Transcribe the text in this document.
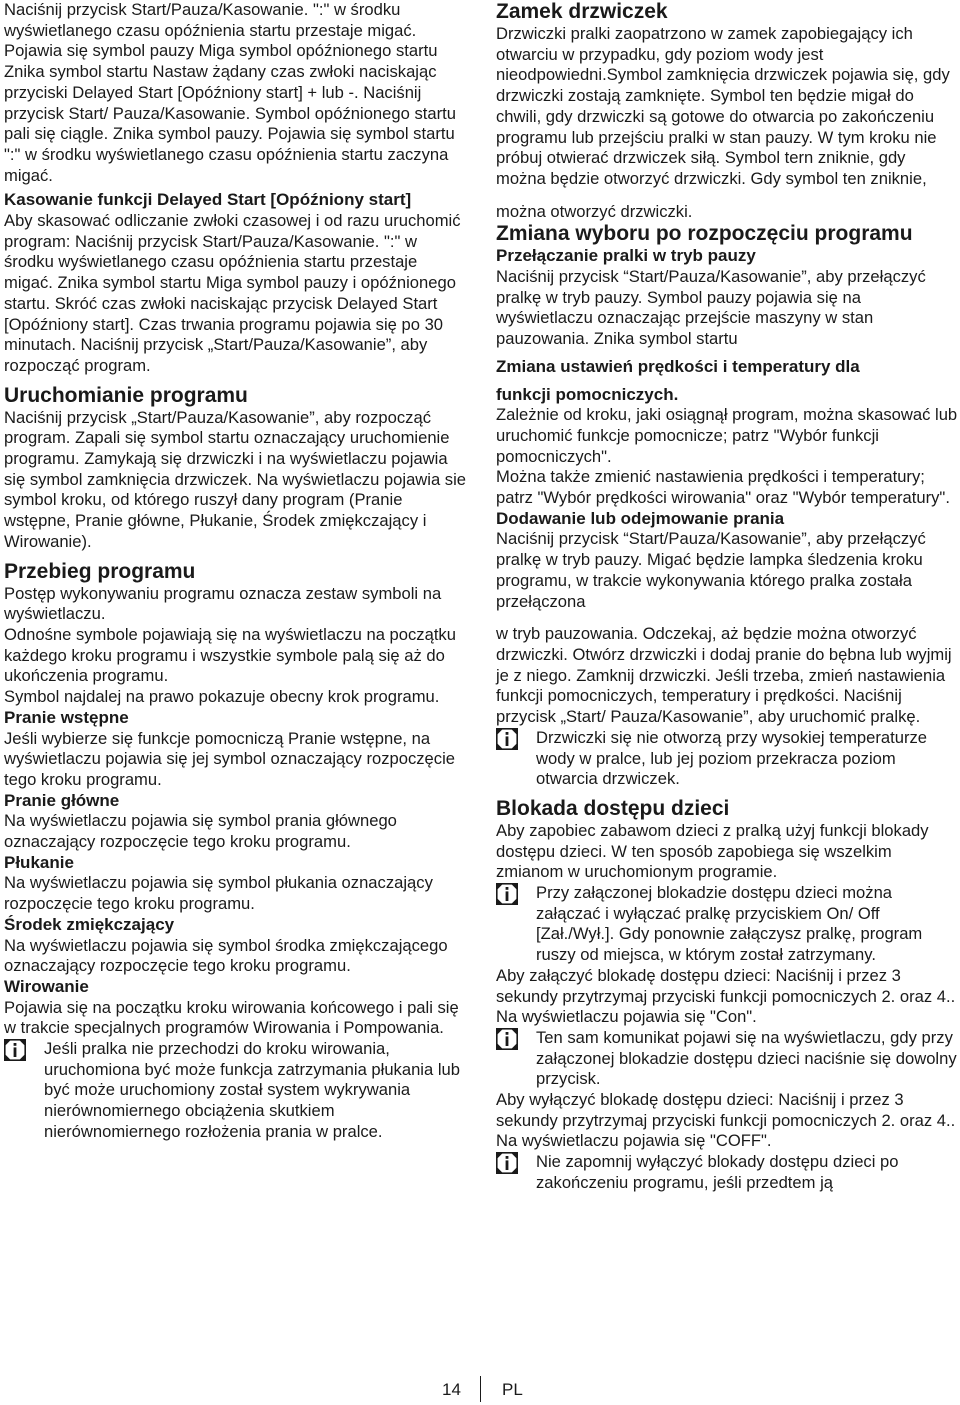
Naciśnij przycisk Start/Pauza/Kasowanie. ":" w środku wyświetlanego czasu opóźnienia startu przestaje migać. Pojawia się symbol pauzy Miga symbol opóźnionego startu Znika symbol startu Nastaw żądany czas zwłoki naciskając przyciski Delayed Start [Opóźniony start] + lub -. Naciśnij przycisk Start/ Pauza/Kasowanie. Symbol opóźnionego startu pali się ciągle. Znika symbol pauzy. Pojawia się symbol startu ":" w środku wyświetlanego czasu opóźnienia startu zaczyna migać.

Kasowanie funkcji Delayed Start [Opóźniony start]

Aby skasować odliczanie zwłoki czasowej i od razu uruchomić program: Naciśnij przycisk Start/Pauza/Kasowanie. ":" w środku wyświetlanego czasu opóźnienia startu przestaje migać. Znika symbol startu Miga symbol pauzy i opóźnionego startu. Skróć czas zwłoki naciskając przycisk Delayed Start [Opóźniony start]. Czas trwania programu pojawia się po 30 minutach. Naciśnij przycisk „Start/Pauza/Kasowanie”, aby rozpocząć program.

Uruchomianie programu

Naciśnij przycisk „Start/Pauza/Kasowanie”, aby rozpocząć program. Zapali się symbol startu oznaczający uruchomienie programu. Zamykają się drzwiczki i na wyświetlaczu pojawia się symbol zamknięcia drzwiczek. Na wyświetlaczu pojawia sie symbol kroku, od którego ruszył dany program (Pranie wstępne, Pranie główne, Płukanie, Środek zmiękczający i Wirowanie).

Przebieg programu

Postęp wykonywaniu programu oznacza zestaw symboli na wyświetlaczu.

Odnośne symbole pojawiają się na wyświetlaczu na początku każdego kroku programu i wszystkie symbole palą się aż do ukończenia programu.

Symbol najdalej na prawo pokazuje obecny krok programu.

Pranie wstępne

Jeśli wybierze się funkcje pomocniczą Pranie wstępne, na wyświetlaczu pojawia się jej symbol oznaczający rozpoczęcie tego kroku programu.

Pranie główne

Na wyświetlaczu pojawia się symbol prania głównego oznaczający rozpoczęcie tego kroku programu.

Płukanie

Na wyświetlaczu pojawia się symbol płukania oznaczający rozpoczęcie tego kroku programu.

Środek zmiękczający

Na wyświetlaczu pojawia się symbol środka zmiękczającego oznaczający rozpoczęcie tego kroku programu.

Wirowanie

Pojawia się na początku kroku wirowania końcowego i pali się w trakcie specjalnych programów Wirowania i Pompowania.

Jeśli pralka nie przechodzi do kroku wirowania, uruchomiona być może funkcja zatrzymania płukania lub być może uruchomiony został system wykrywania nierównomiernego obciążenia skutkiem nierównomiernego rozłożenia prania w pralce.

Zamek drzwiczek

Drzwiczki pralki zaopatrzono w zamek zapobiegający ich otwarciu w przypadku, gdy poziom wody jest nieodpowiedni.Symbol zamknięcia drzwiczek pojawia się, gdy drzwiczki zostają zamknięte. Symbol ten będzie migał do chwili, gdy drzwiczki są gotowe do otwarcia po zakończeniu programu lub przejściu pralki w stan pauzy. W tym kroku nie próbuj otwierać drzwiczek siłą. Symbol tern zniknie, gdy można będzie otworzyć drzwiczki. Gdy symbol ten zniknie,

można otworzyć drzwiczki.

Zmiana wyboru po rozpoczęciu programu

Przełączanie pralki w tryb pauzy

Naciśnij przycisk “Start/Pauza/Kasowanie”, aby przełączyć pralkę w tryb pauzy. Symbol pauzy pojawia się na wyświetlaczu oznaczając przejście maszyny w stan pauzowania. Znika symbol startu

Zmiana ustawień prędkości i temperatury dla

funkcji pomocniczych.

Zależnie od kroku, jaki osiągnął program, można skasować lub uruchomić funkcje pomocnicze; patrz "Wybór funkcji pomocniczych".

Można także zmienić nastawienia prędkości i temperatury; patrz "Wybór prędkości wirowania" oraz "Wybór temperatury".

Dodawanie lub odejmowanie prania

Naciśnij przycisk “Start/Pauza/Kasowanie”, aby przełączyć pralkę w tryb pauzy. Migać będzie lampka śledzenia kroku programu, w trakcie wykonywania którego pralka została przełączona

w tryb pauzowania. Odczekaj, aż będzie można otworzyć drzwiczki. Otwórz drzwiczki i dodaj pranie do bębna lub wyjmij je z niego. Zamknij drzwiczki. Jeśli trzeba, zmień nastawienia funkcji pomocniczych, temperatury i prędkości. Naciśnij przycisk „Start/ Pauza/Kasowanie”, aby uruchomić pralkę.

Drzwiczki się nie otworzą przy wysokiej temperaturze wody w pralce, lub jej poziom przekracza poziom otwarcia drzwiczek.

Blokada dostępu dzieci

Aby zapobiec zabawom dzieci z pralką użyj funkcji blokady dostępu dzieci. W ten sposób zapobiega się wszelkim zmianom w uruchomionym programie.

Przy załączonej blokadzie dostępu dzieci można załączać i wyłączać pralkę przyciskiem On/ Off [Zał./Wył.]. Gdy ponownie załączysz pralkę, program ruszy od miejsca, w którym został zatrzymany.

Aby załączyć blokadę dostępu dzieci: Naciśnij i przez 3 sekundy przytrzymaj przyciski funkcji pomocniczych 2. oraz 4.. Na wyświetlaczu pojawia się "Con".

Ten sam komunikat pojawi się na wyświetlaczu, gdy przy załączonej blokadzie dostępu dzieci naciśnie się dowolny przycisk.

Aby wyłączyć blokadę dostępu dzieci: Naciśnij i przez 3 sekundy przytrzymaj przyciski funkcji pomocniczych 2. oraz 4.. Na wyświetlaczu pojawia się "COFF".

Nie zapomnij wyłączyć blokady dostępu dzieci po zakończeniu programu, jeśli przedtem ją

14 PL
